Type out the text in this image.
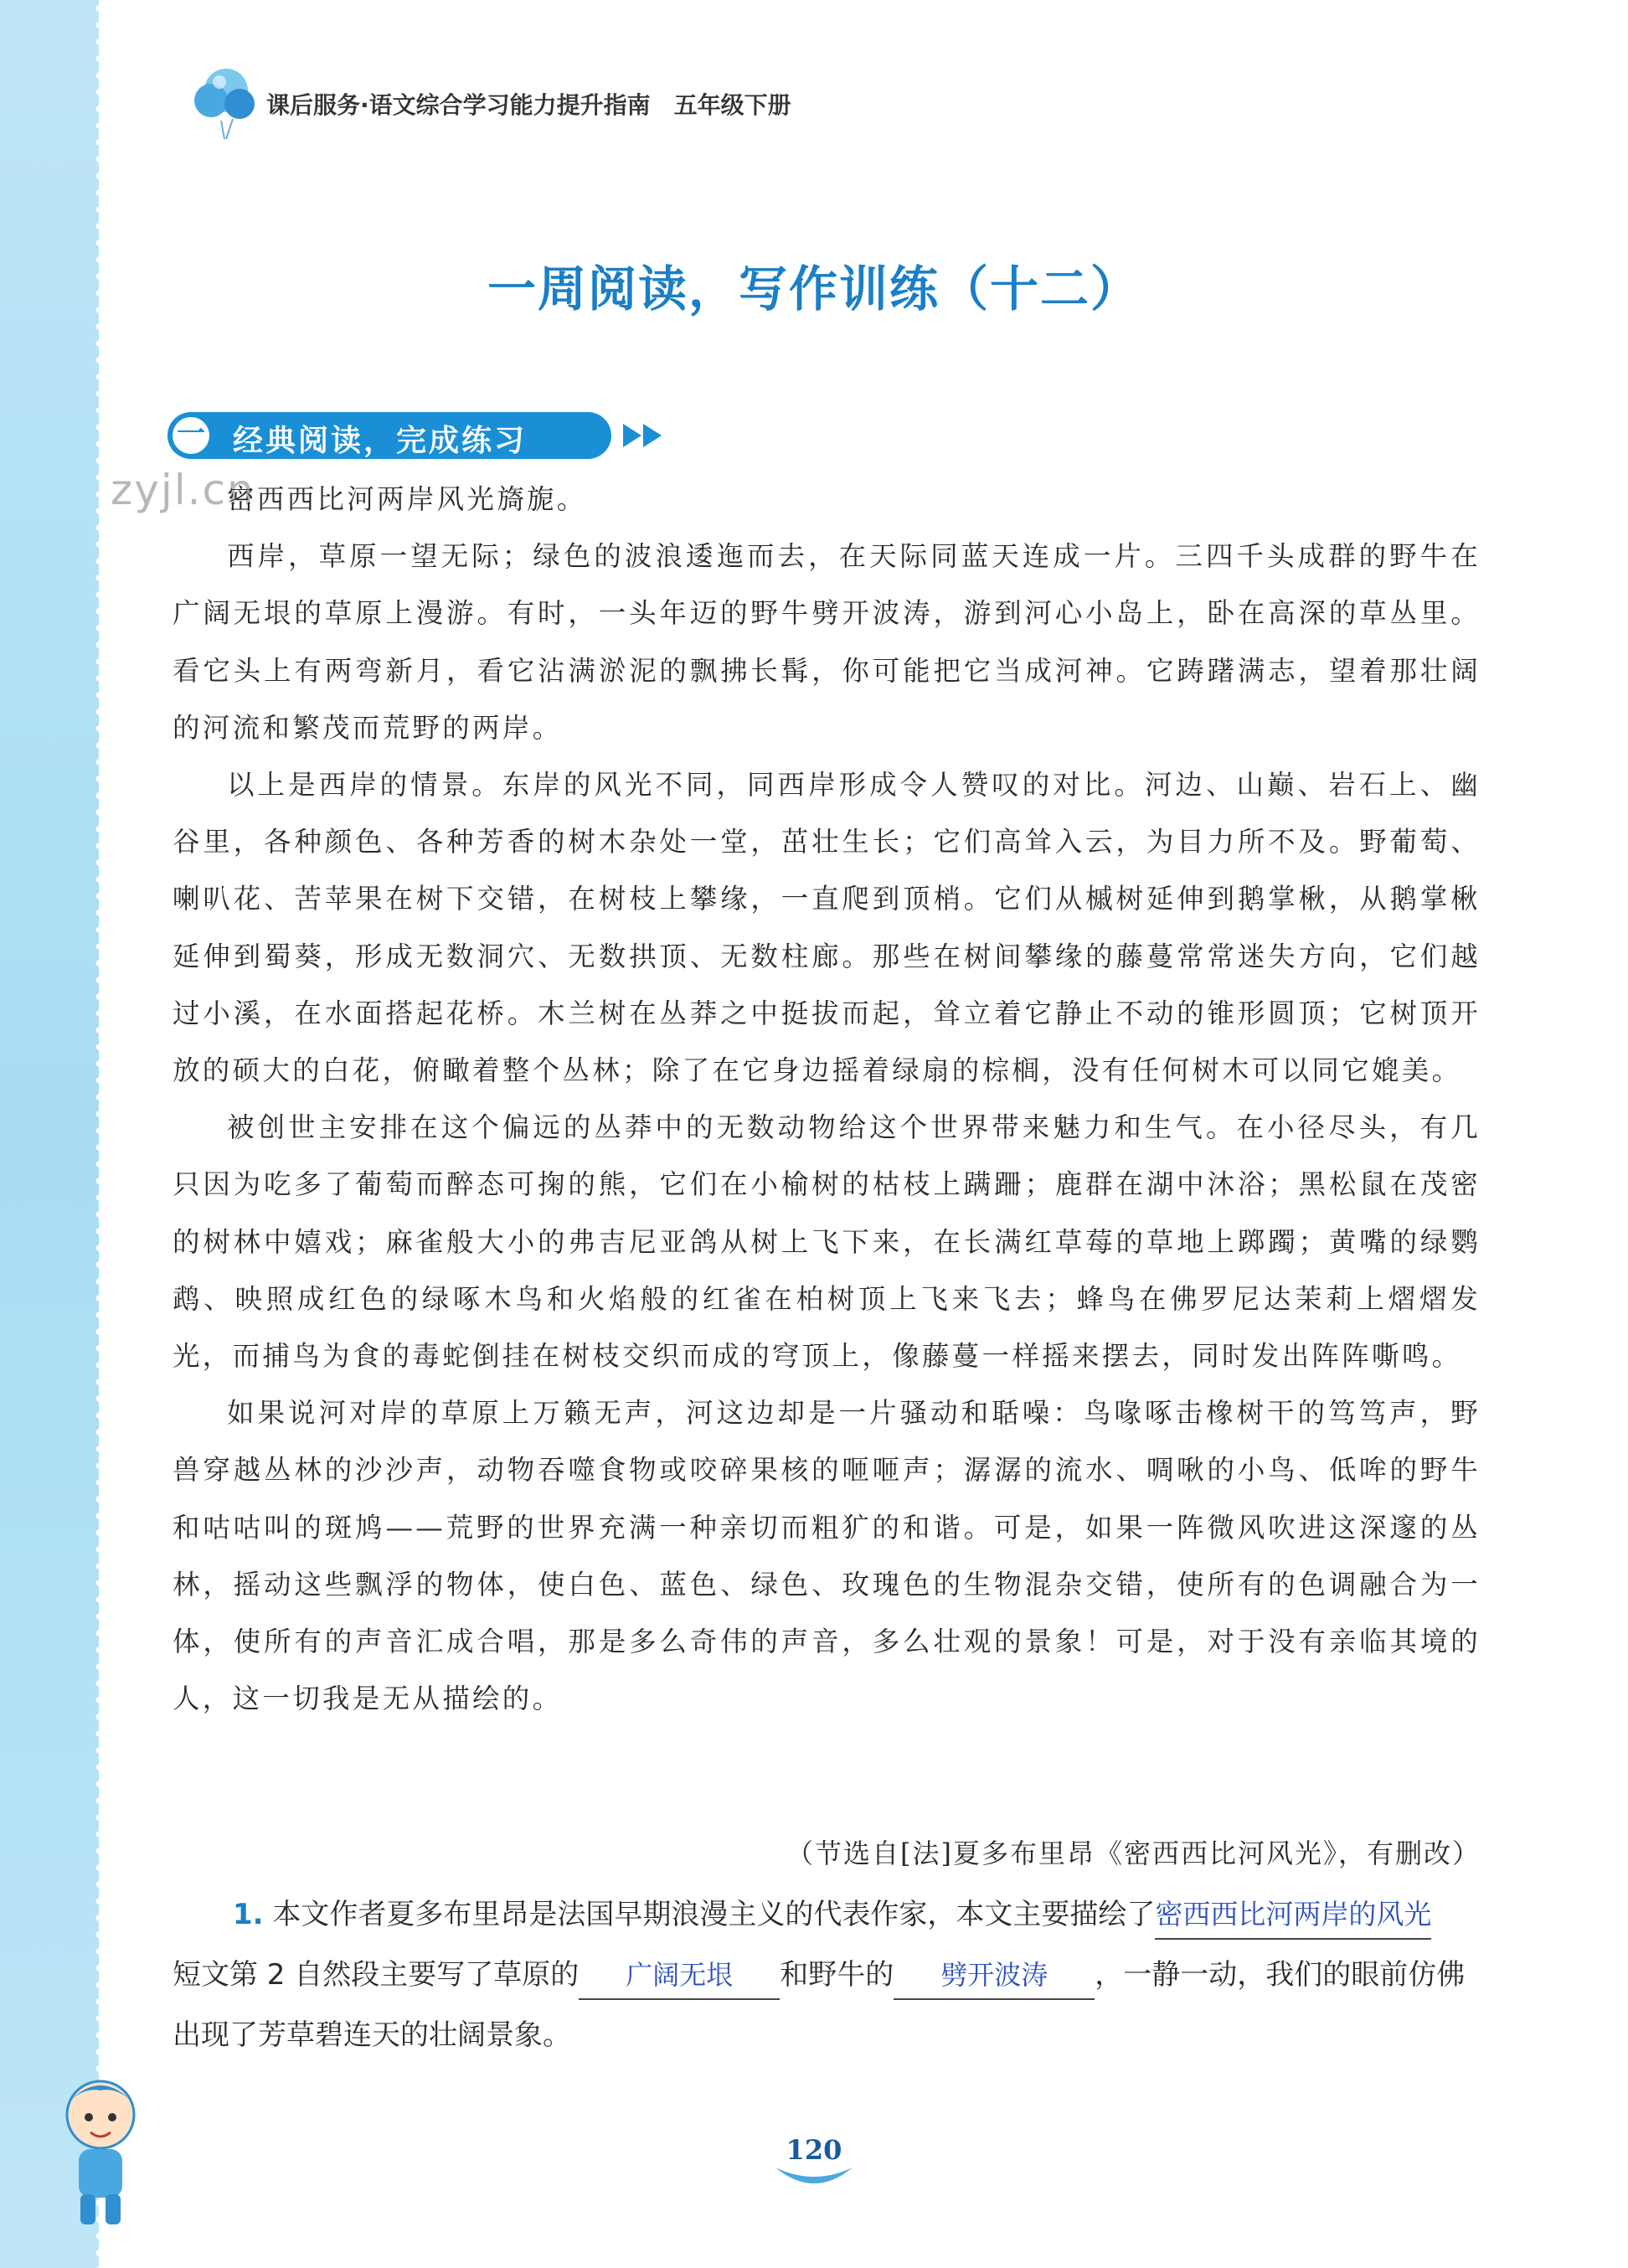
课后服务·语文综合学习能力提升指南 五年级下册
一周阅读，写作训练（十二）
一 经典阅读，完成练习
zyjl.cn

密西西比河两岸风光旖旎。

西岸，草原一望无际；绿色的波浪逶迤而去，在天际同蓝天连成一片。三四千头成群的野牛在广阔无垠的草原上漫游。有时，一头年迈的野牛劈开波涛，游到河心小岛上，卧在高深的草丛里。看它头上有两弯新月，看它沾满淤泥的飘拂长髯，你可能把它当成河神。它踌躇满志，望着那壮阔的河流和繁茂而荒野的两岸。

以上是西岸的情景。东岸的风光不同，同西岸形成令人赞叹的对比。河边、山巅、岩石上、幽谷里，各种颜色、各种芳香的树木杂处一堂，茁壮生长；它们高耸入云，为目力所不及。野葡萄、喇叭花、苦苹果在树下交错，在树枝上攀缘，一直爬到顶梢。它们从槭树延伸到鹅掌楸，从鹅掌楸延伸到蜀葵，形成无数洞穴、无数拱顶、无数柱廊。那些在树间攀缘的藤蔓常常迷失方向，它们越过小溪，在水面搭起花桥。木兰树在丛莽之中挺拔而起，耸立着它静止不动的锥形圆顶；它树顶开放的硕大的白花，俯瞰着整个丛林；除了在它身边摇着绿扇的棕榈，没有任何树木可以同它媲美。

被创世主安排在这个偏远的丛莽中的无数动物给这个世界带来魅力和生气。在小径尽头，有几只因为吃多了葡萄而醉态可掬的熊，它们在小榆树的枯枝上蹒跚；鹿群在湖中沐浴；黑松鼠在茂密的树林中嬉戏；麻雀般大小的弗吉尼亚鸽从树上飞下来，在长满红草莓的草地上踯躅；黄嘴的绿鹦鹉、映照成红色的绿啄木鸟和火焰般的红雀在柏树顶上飞来飞去；蜂鸟在佛罗尼达茉莉上熠熠发光，而捕鸟为食的毒蛇倒挂在树枝交织而成的穹顶上，像藤蔓一样摇来摆去，同时发出阵阵嘶鸣。

如果说河对岸的草原上万籁无声，河这边却是一片骚动和聒噪：鸟喙啄击橡树干的笃笃声，野兽穿越丛林的沙沙声，动物吞噬食物或咬碎果核的咂咂声；潺潺的流水、啁啾的小鸟、低哞的野牛和咕咕叫的斑鸠——荒野的世界充满一种亲切而粗犷的和谐。可是，如果一阵微风吹进这深邃的丛林，摇动这些飘浮的物体，使白色、蓝色、绿色、玫瑰色的生物混杂交错，使所有的色调融合为一体，使所有的声音汇成合唱，那是多么奇伟的声音，多么壮观的景象！可是，对于没有亲临其境的人，这一切我是无从描绘的。

（节选自[法]夏多布里昂《密西西比河风光》，有删改）
1. 本文作者夏多布里昂是法国早期浪漫主义的代表作家，本文主要描绘了密西西比河两岸的风光
短文第 2 自然段主要写了草原的 广阔无垠 和野牛的 劈开波涛 ，一静一动，我们的眼前仿佛出现了芳草碧连天的壮阔景象。
120
